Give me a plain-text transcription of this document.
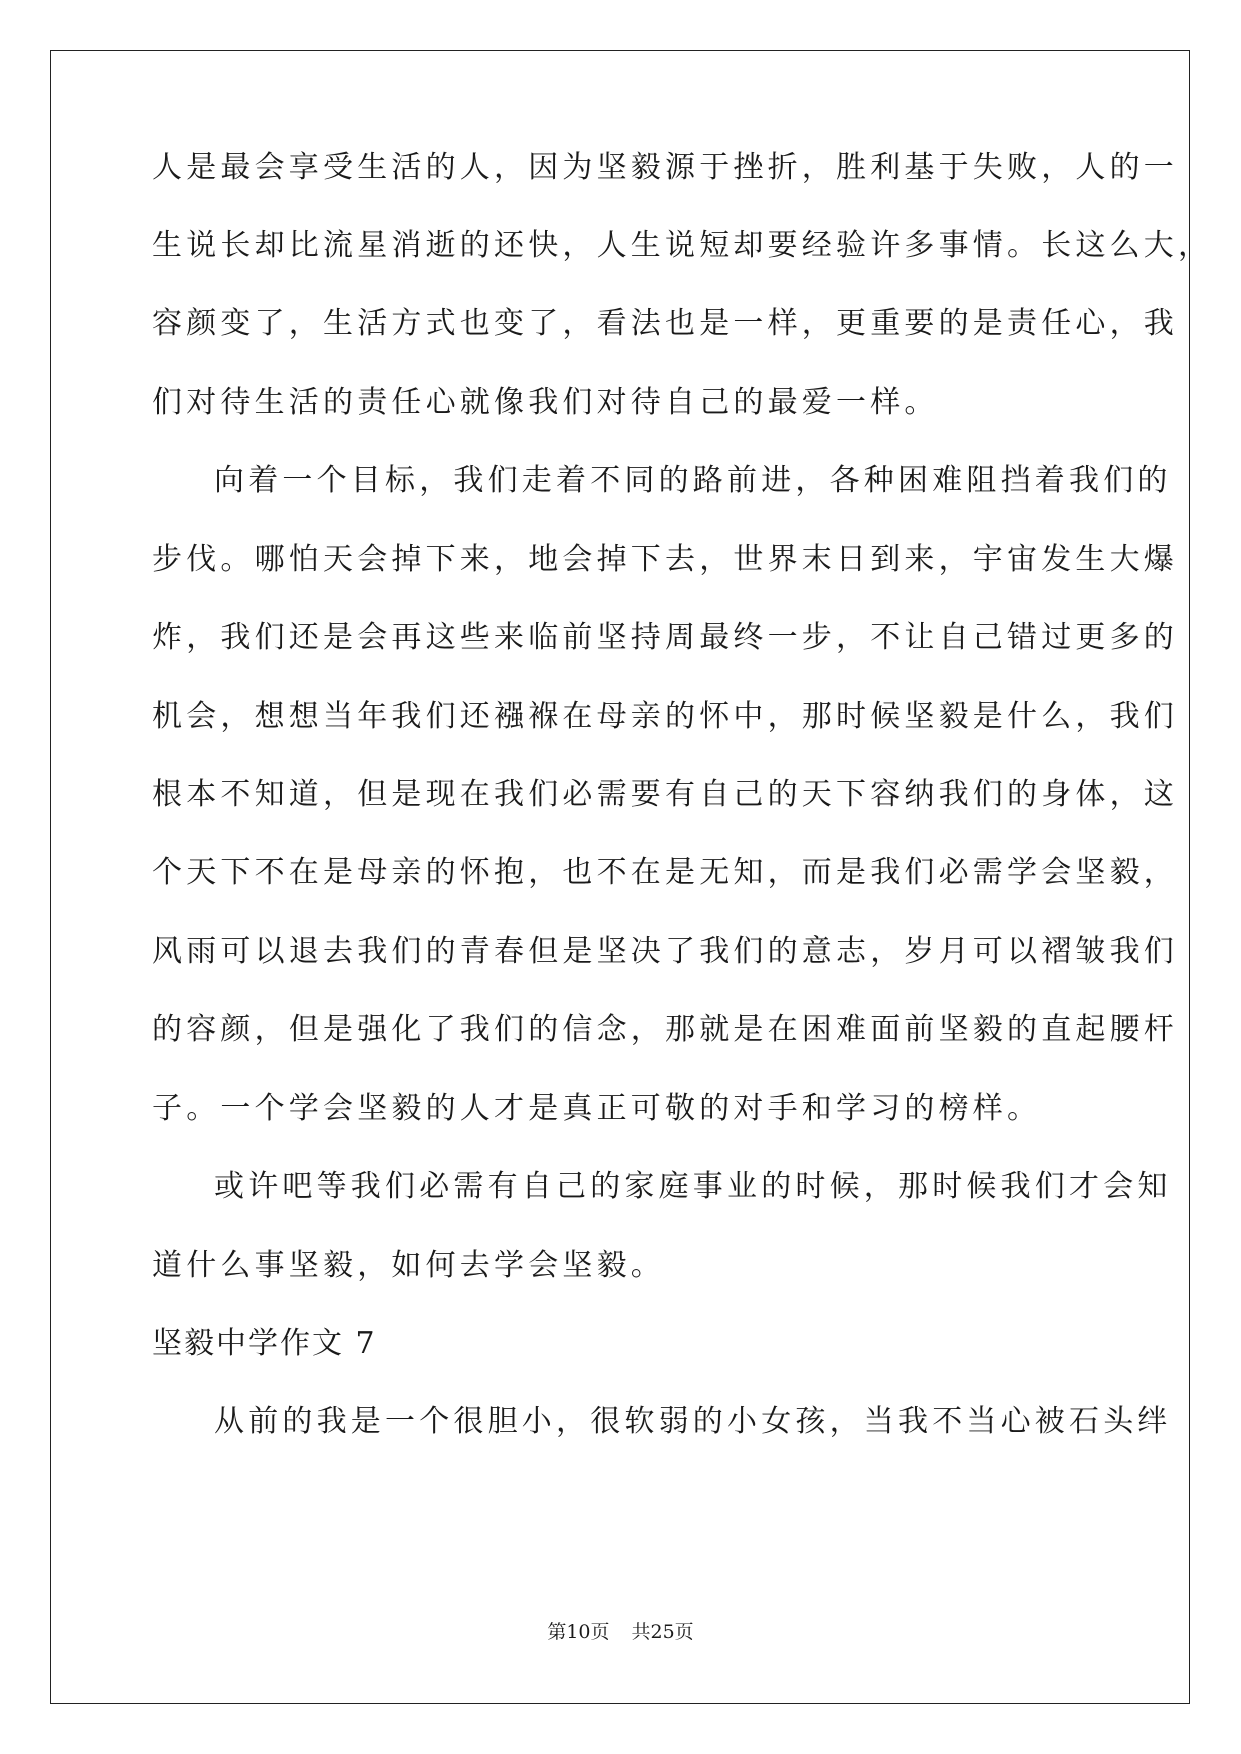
人是最会享受生活的人，因为坚毅源于挫折，胜利基于失败，人的一
生说长却比流星消逝的还快，人生说短却要经验许多事情。长这么大，
容颜变了，生活方式也变了，看法也是一样，更重要的是责任心，我
们对待生活的责任心就像我们对待自己的最爱一样。
向着一个目标，我们走着不同的路前进，各种困难阻挡着我们的
步伐。哪怕天会掉下来，地会掉下去，世界末日到来，宇宙发生大爆
炸，我们还是会再这些来临前坚持周最终一步，不让自己错过更多的
机会，想想当年我们还襁褓在母亲的怀中，那时候坚毅是什么，我们
根本不知道，但是现在我们必需要有自己的天下容纳我们的身体，这
个天下不在是母亲的怀抱，也不在是无知，而是我们必需学会坚毅，
风雨可以退去我们的青春但是坚决了我们的意志，岁月可以褶皱我们
的容颜，但是强化了我们的信念，那就是在困难面前坚毅的直起腰杆
子。一个学会坚毅的人才是真正可敬的对手和学习的榜样。
或许吧等我们必需有自己的家庭事业的时候，那时候我们才会知
道什么事坚毅，如何去学会坚毅。
坚毅中学作文 7
从前的我是一个很胆小，很软弱的小女孩，当我不当心被石头绊
第10页 共25页
